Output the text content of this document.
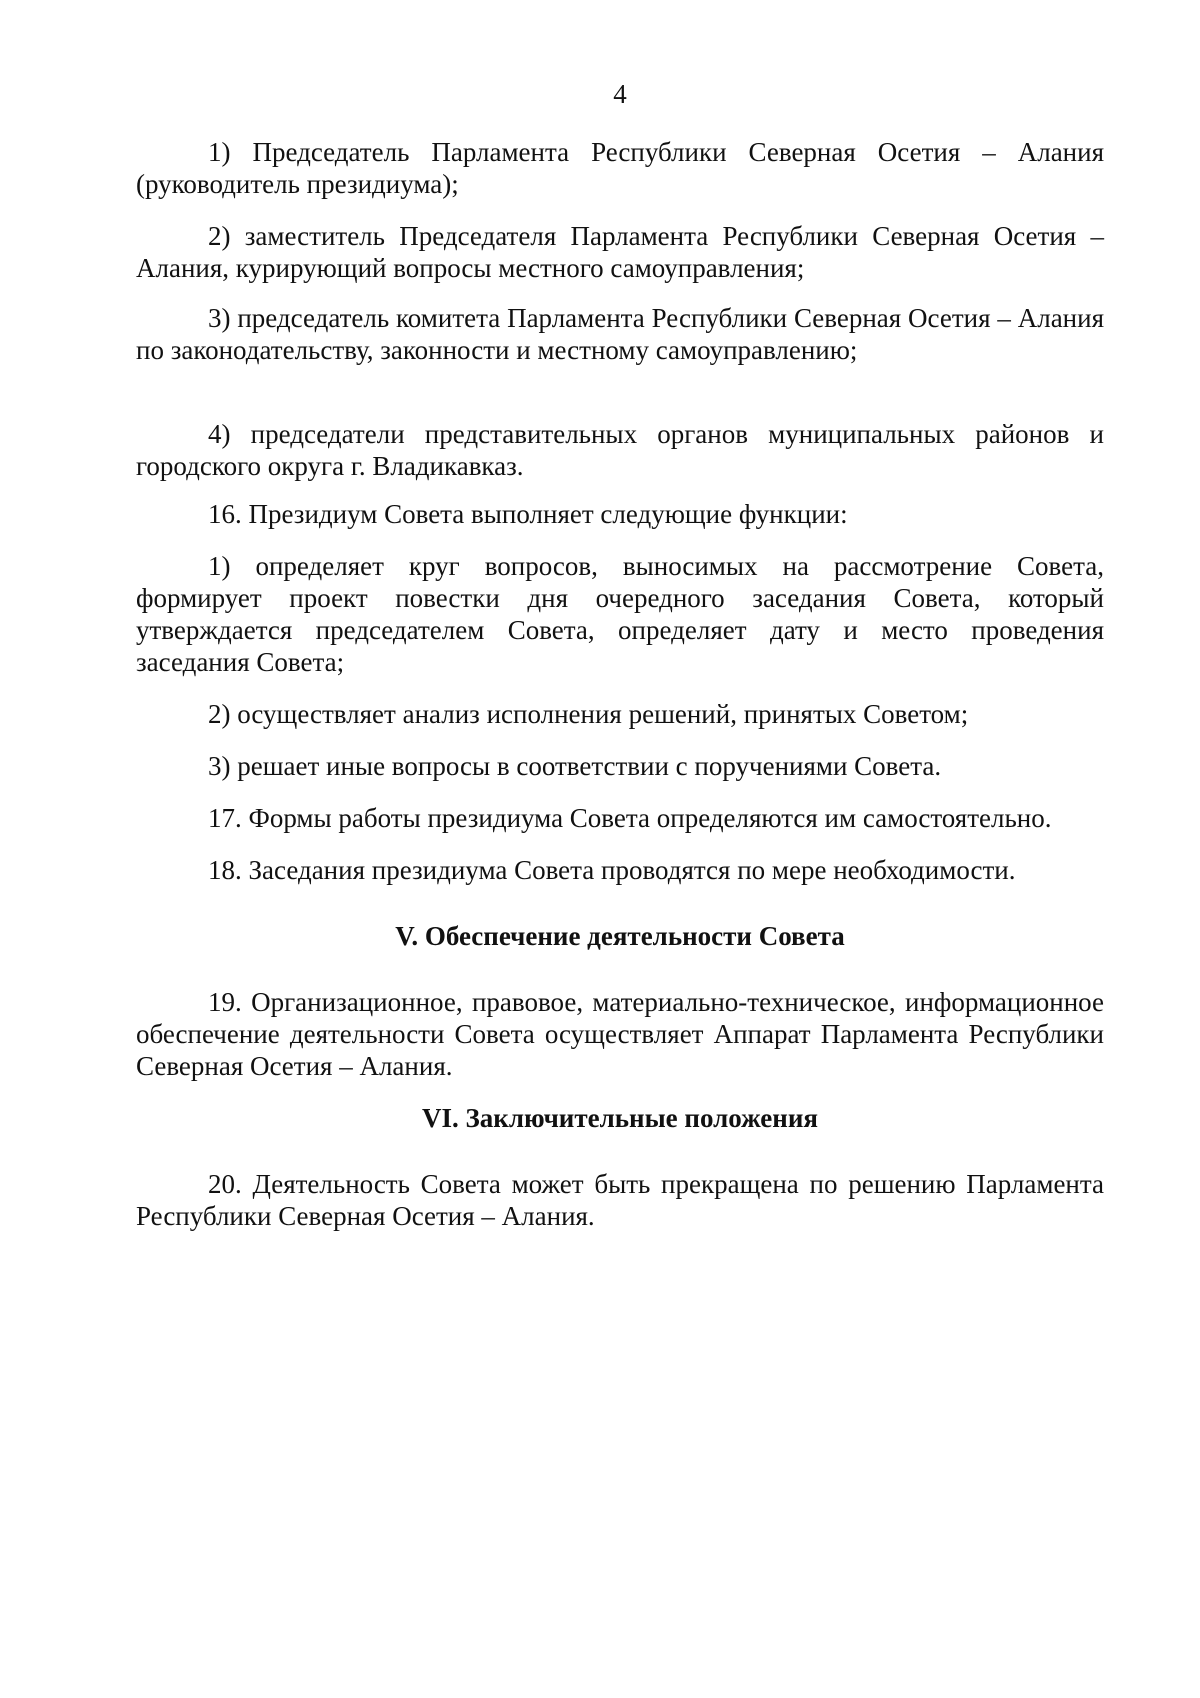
4

1) Председатель Парламента Республики Северная Осетия – Алания (руководитель президиума);

2) заместитель Председателя Парламента Республики Северная Осетия – Алания, курирующий вопросы местного самоуправления;

3) председатель комитета Парламента Республики Северная Осетия – Алания по законодательству, законности и местному самоуправлению;

4) председатели представительных органов муниципальных районов и городского округа г. Владикавказ.

16. Президиум Совета выполняет следующие функции:

1) определяет круг вопросов, выносимых на рассмотрение Совета, формирует проект повестки дня очередного заседания Совета, который утверждается председателем Совета, определяет дату и место проведения заседания Совета;

2) осуществляет анализ исполнения решений, принятых Советом;

3) решает иные вопросы в соответствии с поручениями Совета.

17. Формы работы президиума Совета определяются им самостоятельно.

18. Заседания президиума Совета проводятся по мере необходимости.

V. Обеспечение деятельности Совета

19. Организационное, правовое, материально-техническое, информационное обеспечение деятельности Совета осуществляет Аппарат Парламента Республики Северная Осетия – Алания.

VI. Заключительные положения

20. Деятельность Совета может быть прекращена по решению Парламента Республики Северная Осетия – Алания.
